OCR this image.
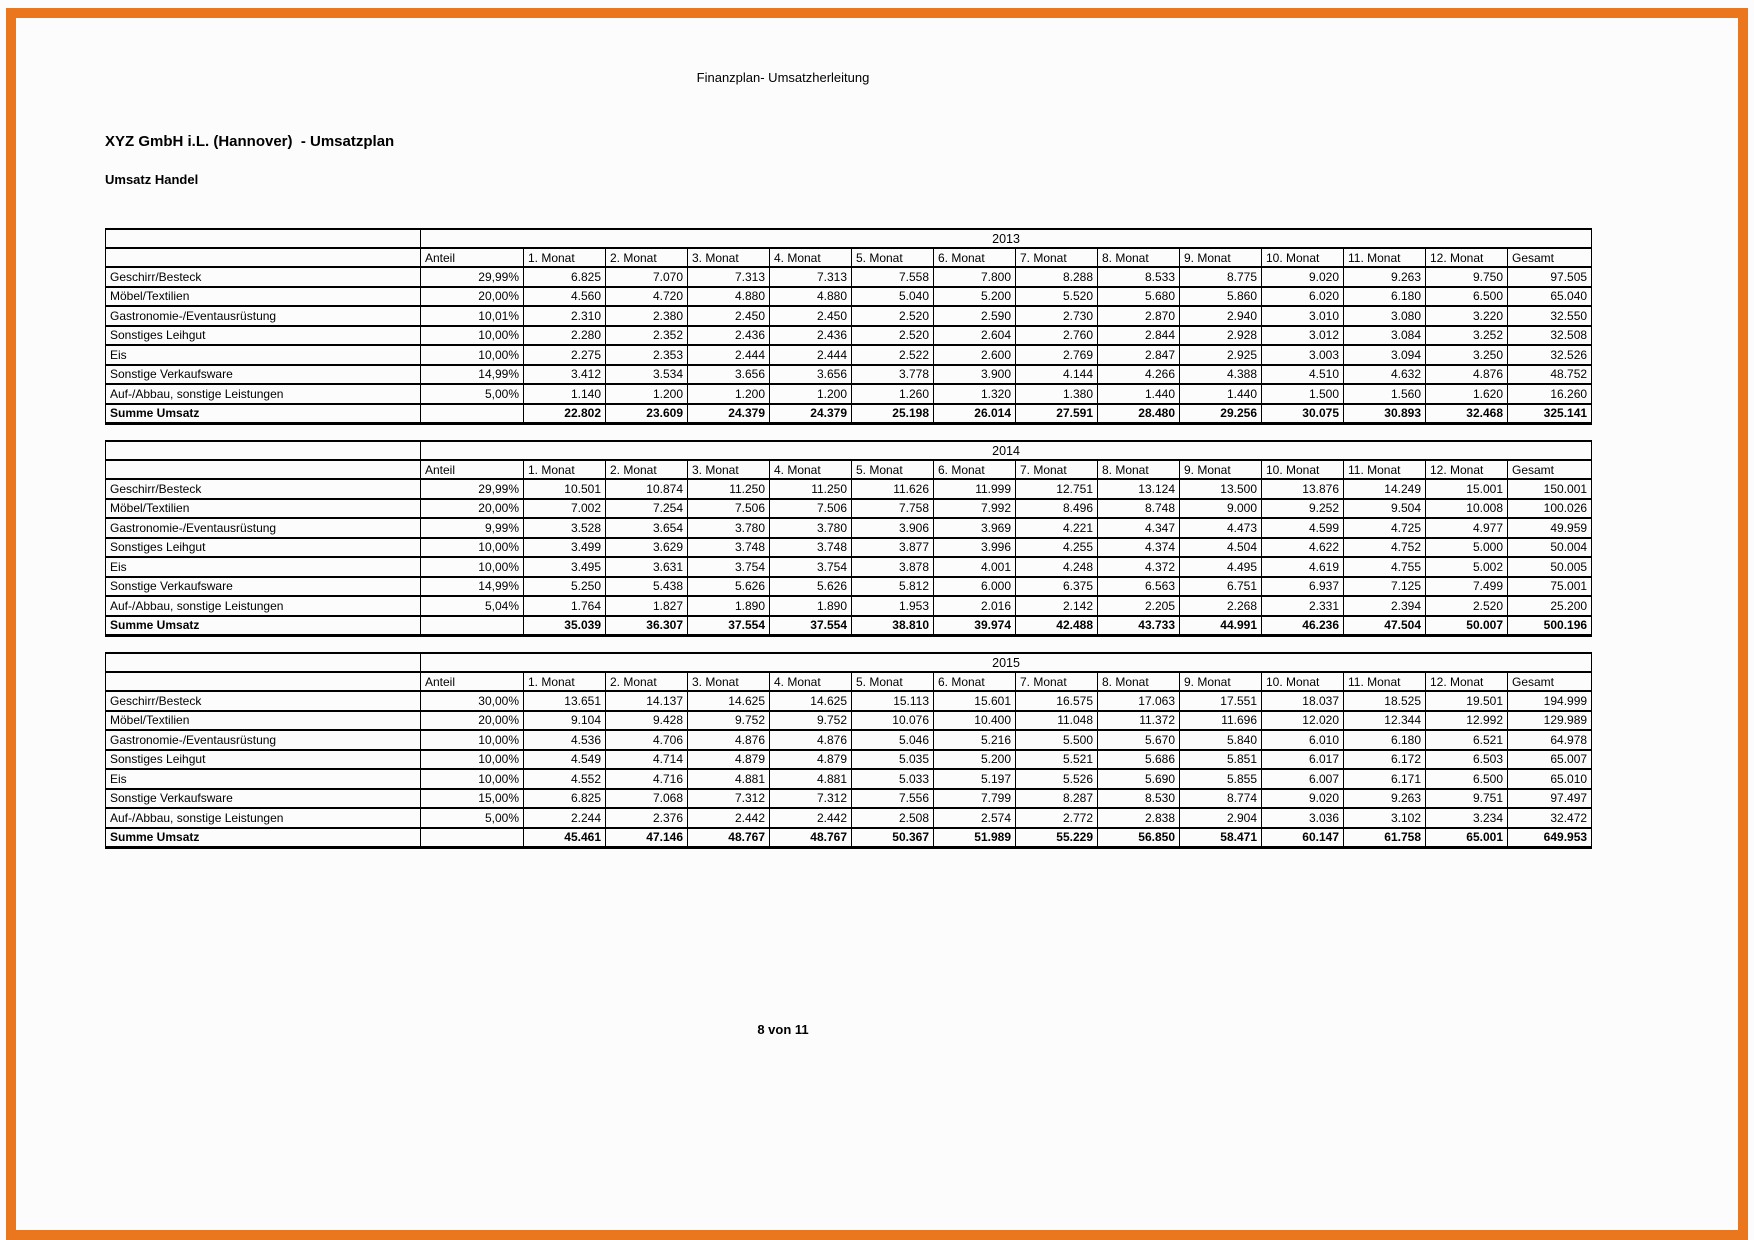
Finanzplan- Umsatzherleitung
XYZ GmbH i.L. (Hannover)  - Umsatzplan
Umsatz Handel
	2013													
	Anteil	1. Monat	2. Monat	3. Monat	4. Monat	5. Monat	6. Monat	7. Monat	8. Monat	9. Monat	10. Monat	11. Monat	12. Monat	Gesamt
Geschirr/Besteck	29,99%	6.825	7.070	7.313	7.313	7.558	7.800	8.288	8.533	8.775	9.020	9.263	9.750	97.505
Möbel/Textilien	20,00%	4.560	4.720	4.880	4.880	5.040	5.200	5.520	5.680	5.860	6.020	6.180	6.500	65.040
Gastronomie-/Eventausrüstung	10,01%	2.310	2.380	2.450	2.450	2.520	2.590	2.730	2.870	2.940	3.010	3.080	3.220	32.550
Sonstiges Leihgut	10,00%	2.280	2.352	2.436	2.436	2.520	2.604	2.760	2.844	2.928	3.012	3.084	3.252	32.508
Eis	10,00%	2.275	2.353	2.444	2.444	2.522	2.600	2.769	2.847	2.925	3.003	3.094	3.250	32.526
Sonstige Verkaufsware	14,99%	3.412	3.534	3.656	3.656	3.778	3.900	4.144	4.266	4.388	4.510	4.632	4.876	48.752
Auf-/Abbau, sonstige Leistungen	5,00%	1.140	1.200	1.200	1.200	1.260	1.320	1.380	1.440	1.440	1.500	1.560	1.620	16.260
Summe Umsatz		22.802	23.609	24.379	24.379	25.198	26.014	27.591	28.480	29.256	30.075	30.893	32.468	325.141
	2014													
	Anteil	1. Monat	2. Monat	3. Monat	4. Monat	5. Monat	6. Monat	7. Monat	8. Monat	9. Monat	10. Monat	11. Monat	12. Monat	Gesamt
Geschirr/Besteck	29,99%	10.501	10.874	11.250	11.250	11.626	11.999	12.751	13.124	13.500	13.876	14.249	15.001	150.001
Möbel/Textilien	20,00%	7.002	7.254	7.506	7.506	7.758	7.992	8.496	8.748	9.000	9.252	9.504	10.008	100.026
Gastronomie-/Eventausrüstung	9,99%	3.528	3.654	3.780	3.780	3.906	3.969	4.221	4.347	4.473	4.599	4.725	4.977	49.959
Sonstiges Leihgut	10,00%	3.499	3.629	3.748	3.748	3.877	3.996	4.255	4.374	4.504	4.622	4.752	5.000	50.004
Eis	10,00%	3.495	3.631	3.754	3.754	3.878	4.001	4.248	4.372	4.495	4.619	4.755	5.002	50.005
Sonstige Verkaufsware	14,99%	5.250	5.438	5.626	5.626	5.812	6.000	6.375	6.563	6.751	6.937	7.125	7.499	75.001
Auf-/Abbau, sonstige Leistungen	5,04%	1.764	1.827	1.890	1.890	1.953	2.016	2.142	2.205	2.268	2.331	2.394	2.520	25.200
Summe Umsatz		35.039	36.307	37.554	37.554	38.810	39.974	42.488	43.733	44.991	46.236	47.504	50.007	500.196
	2015													
	Anteil	1. Monat	2. Monat	3. Monat	4. Monat	5. Monat	6. Monat	7. Monat	8. Monat	9. Monat	10. Monat	11. Monat	12. Monat	Gesamt
Geschirr/Besteck	30,00%	13.651	14.137	14.625	14.625	15.113	15.601	16.575	17.063	17.551	18.037	18.525	19.501	194.999
Möbel/Textilien	20,00%	9.104	9.428	9.752	9.752	10.076	10.400	11.048	11.372	11.696	12.020	12.344	12.992	129.989
Gastronomie-/Eventausrüstung	10,00%	4.536	4.706	4.876	4.876	5.046	5.216	5.500	5.670	5.840	6.010	6.180	6.521	64.978
Sonstiges Leihgut	10,00%	4.549	4.714	4.879	4.879	5.035	5.200	5.521	5.686	5.851	6.017	6.172	6.503	65.007
Eis	10,00%	4.552	4.716	4.881	4.881	5.033	5.197	5.526	5.690	5.855	6.007	6.171	6.500	65.010
Sonstige Verkaufsware	15,00%	6.825	7.068	7.312	7.312	7.556	7.799	8.287	8.530	8.774	9.020	9.263	9.751	97.497
Auf-/Abbau, sonstige Leistungen	5,00%	2.244	2.376	2.442	2.442	2.508	2.574	2.772	2.838	2.904	3.036	3.102	3.234	32.472
Summe Umsatz		45.461	47.146	48.767	48.767	50.367	51.989	55.229	56.850	58.471	60.147	61.758	65.001	649.953
8 von 11
